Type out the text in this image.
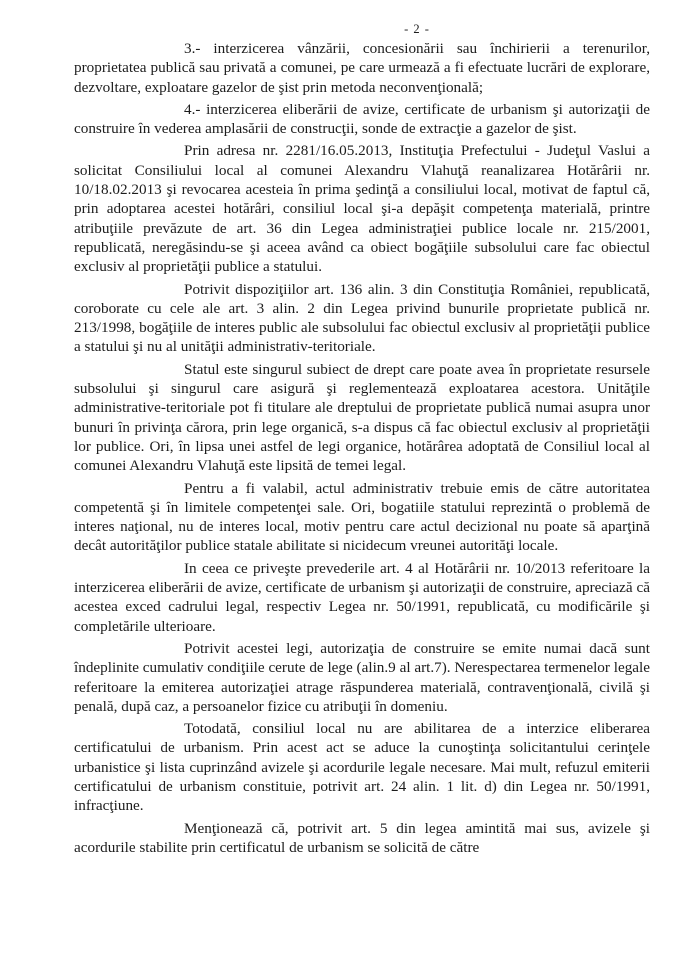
- 2 -

3.- interzicerea vânzării, concesionării sau închirierii a terenurilor, proprietatea publică sau privată a comunei, pe care urmează a fi efectuate lucrări de explorare, dezvoltare, exploatare gazelor de şist prin metoda neconvenţională;

4.- interzicerea eliberării de avize, certificate de urbanism şi autorizaţii de construire în vederea amplasării de construcţii, sonde de extracţie a gazelor de şist.

Prin adresa nr. 2281/16.05.2013, Instituţia Prefectului - Judeţul Vaslui a solicitat Consiliului local al comunei Alexandru Vlahuţă reanalizarea Hotărârii nr. 10/18.02.2013 şi revocarea acesteia în prima şedinţă a consiliului local, motivat de faptul că, prin adoptarea acestei hotărâri, consiliul local şi-a depăşit competenţa materială, printre atribuţiile prevăzute de art. 36 din Legea administraţiei publice locale nr. 215/2001, republicată, neregăsindu-se şi aceea având ca obiect bogăţiile subsolului care fac obiectul exclusiv al proprietăţii publice a statului.

Potrivit dispoziţiilor art. 136 alin. 3 din Constituţia României, republicată, coroborate cu cele ale art. 3 alin. 2 din Legea privind bunurile proprietate publică nr. 213/1998, bogăţiile de interes public ale subsolului fac obiectul exclusiv al proprietăţii publice a statului şi nu al unităţii administrativ-teritoriale.

Statul este singurul subiect de drept care poate avea în proprietate resursele subsolului şi singurul care asigură şi reglementează exploatarea acestora. Unităţile administrative-teritoriale pot fi titulare ale dreptului de proprietate publică numai asupra unor bunuri în privinţa cărora, prin lege organică, s-a dispus că fac obiectul exclusiv al proprietăţii lor publice. Ori, în lipsa unei astfel de legi organice, hotărârea adoptată de Consiliul local al comunei Alexandru Vlahuţă este lipsită de temei legal.

Pentru a fi valabil, actul administrativ trebuie emis de către autoritatea competentă şi în limitele competenţei sale. Ori, bogatiile statului reprezintă o problemă de interes naţional, nu de interes local, motiv pentru care actul decizional nu poate să aparţină decât autorităţilor publice statale abilitate si nicidecum vreunei autorităţi locale.

In ceea ce priveşte prevederile art. 4 al Hotărârii nr. 10/2013 referitoare la interzicerea eliberării de avize, certificate de urbanism şi autorizaţii de construire, apreciază că acestea exced cadrului legal, respectiv Legea nr. 50/1991, republicată, cu modificările şi completările ulterioare.

Potrivit acestei legi, autorizaţia de construire se emite numai dacă sunt îndeplinite cumulativ condiţiile cerute de lege (alin.9 al art.7). Nerespectarea termenelor legale referitoare la emiterea autorizaţiei atrage răspunderea materială, contravenţională, civilă şi penală, după caz, a persoanelor fizice cu atribuţii în domeniu.

Totodată, consiliul local nu are abilitarea de a interzice eliberarea certificatului de urbanism. Prin acest act se aduce la cunoştinţa solicitantului cerinţele urbanistice şi lista cuprinzând avizele şi acordurile legale necesare. Mai mult, refuzul emiterii certificatului de urbanism constituie, potrivit art. 24 alin. 1 lit. d) din Legea nr. 50/1991, infracţiune.

Menţionează că, potrivit art. 5 din legea amintită mai sus, avizele şi acordurile stabilite prin certificatul de urbanism se solicită de către
